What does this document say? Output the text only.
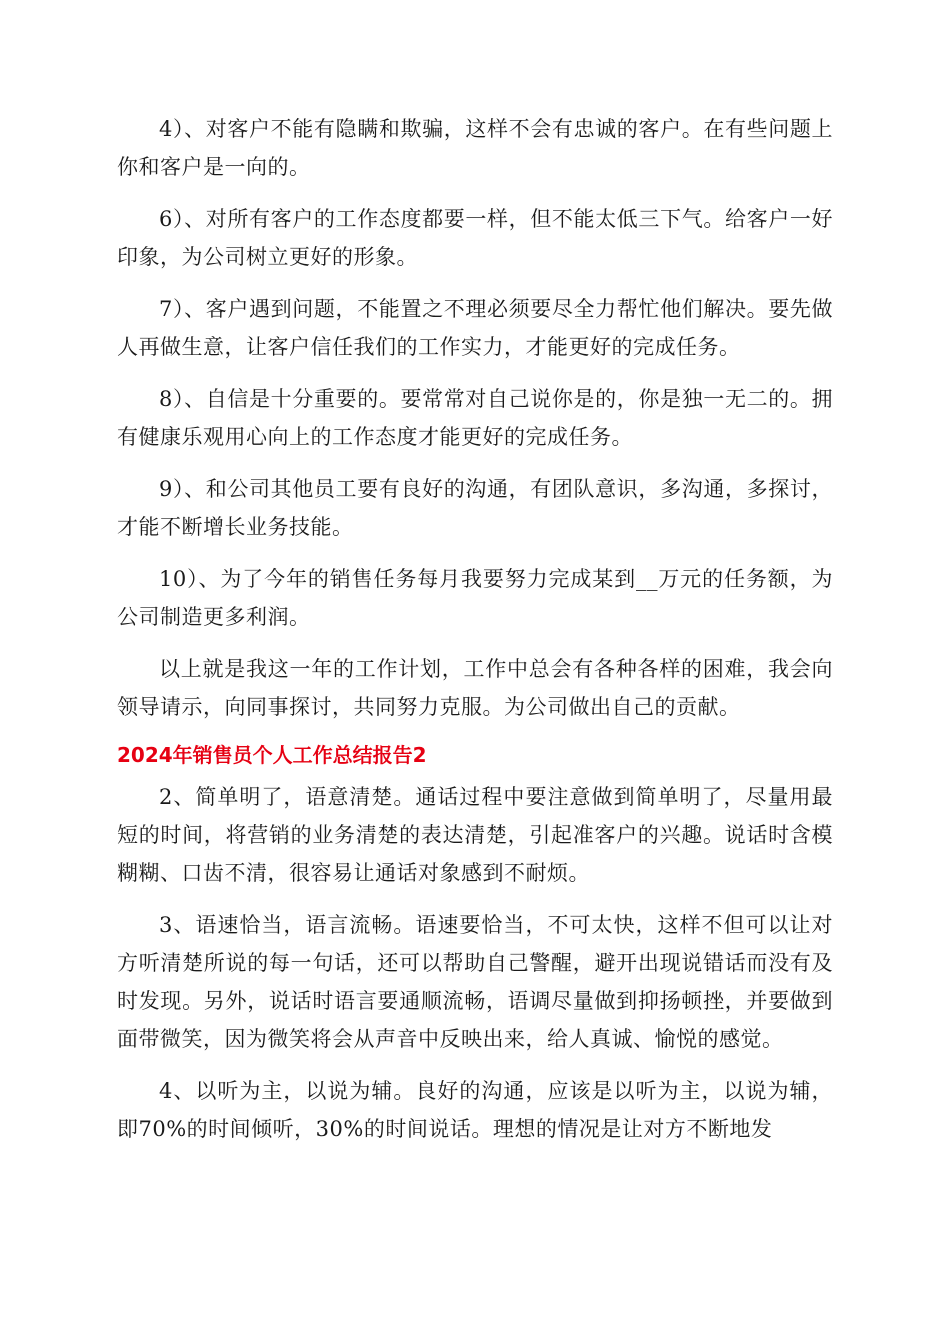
4）、对客户不能有隐瞒和欺骗，这样不会有忠诚的客户。在有些问题上你和客户是一向的。

6）、对所有客户的工作态度都要一样，但不能太低三下气。给客户一好印象，为公司树立更好的形象。

7）、客户遇到问题，不能置之不理必须要尽全力帮忙他们解决。要先做人再做生意，让客户信任我们的工作实力，才能更好的完成任务。

8）、自信是十分重要的。要常常对自己说你是的，你是独一无二的。拥有健康乐观用心向上的工作态度才能更好的完成任务。

9）、和公司其他员工要有良好的沟通，有团队意识，多沟通，多探讨，才能不断增长业务技能。

10）、为了今年的销售任务每月我要努力完成某到__万元的任务额，为公司制造更多利润。

以上就是我这一年的工作计划，工作中总会有各种各样的困难，我会向领导请示，向同事探讨，共同努力克服。为公司做出自己的贡献。

2024年销售员个人工作总结报告2

2、简单明了，语意清楚。通话过程中要注意做到简单明了，尽量用最短的时间，将营销的业务清楚的表达清楚，引起准客户的兴趣。说话时含模糊糊、口齿不清，很容易让通话对象感到不耐烦。

3、语速恰当，语言流畅。语速要恰当，不可太快，这样不但可以让对方听清楚所说的每一句话，还可以帮助自己警醒，避开出现说错话而没有及时发现。另外，说话时语言要通顺流畅，语调尽量做到抑扬顿挫，并要做到面带微笑，因为微笑将会从声音中反映出来，给人真诚、愉悦的感觉。

4、以听为主，以说为辅。良好的沟通，应该是以听为主，以说为辅，即70%的时间倾听，30%的时间说话。理想的情况是让对方不断地发
